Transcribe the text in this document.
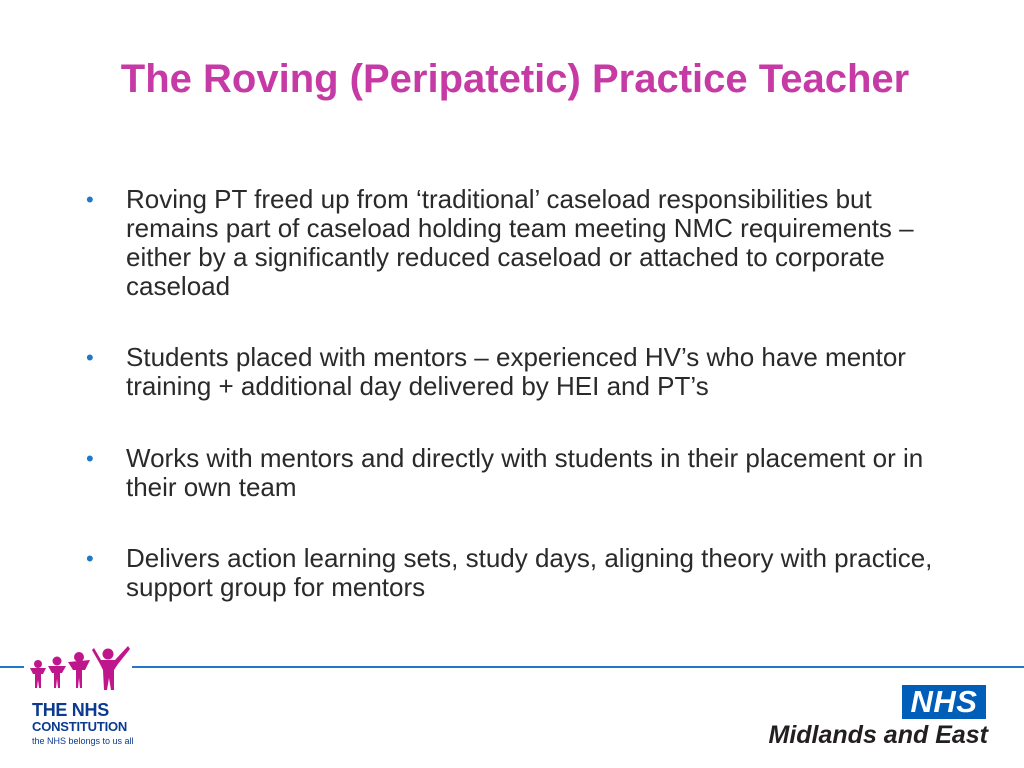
The Roving (Peripatetic) Practice Teacher
• Roving PT freed up from ‘traditional’ caseload responsibilities but remains part of caseload holding team meeting NMC requirements – either by a significantly reduced caseload or attached to corporate caseload
• Students placed with mentors – experienced HV’s who have mentor training + additional day delivered by HEI and PT’s
• Works with mentors and directly with students in their placement or in their own team
• Delivers action learning sets, study days, aligning theory with practice, support group for mentors
THE NHS
CONSTITUTION
the NHS belongs to us all
NHS
Midlands and East
